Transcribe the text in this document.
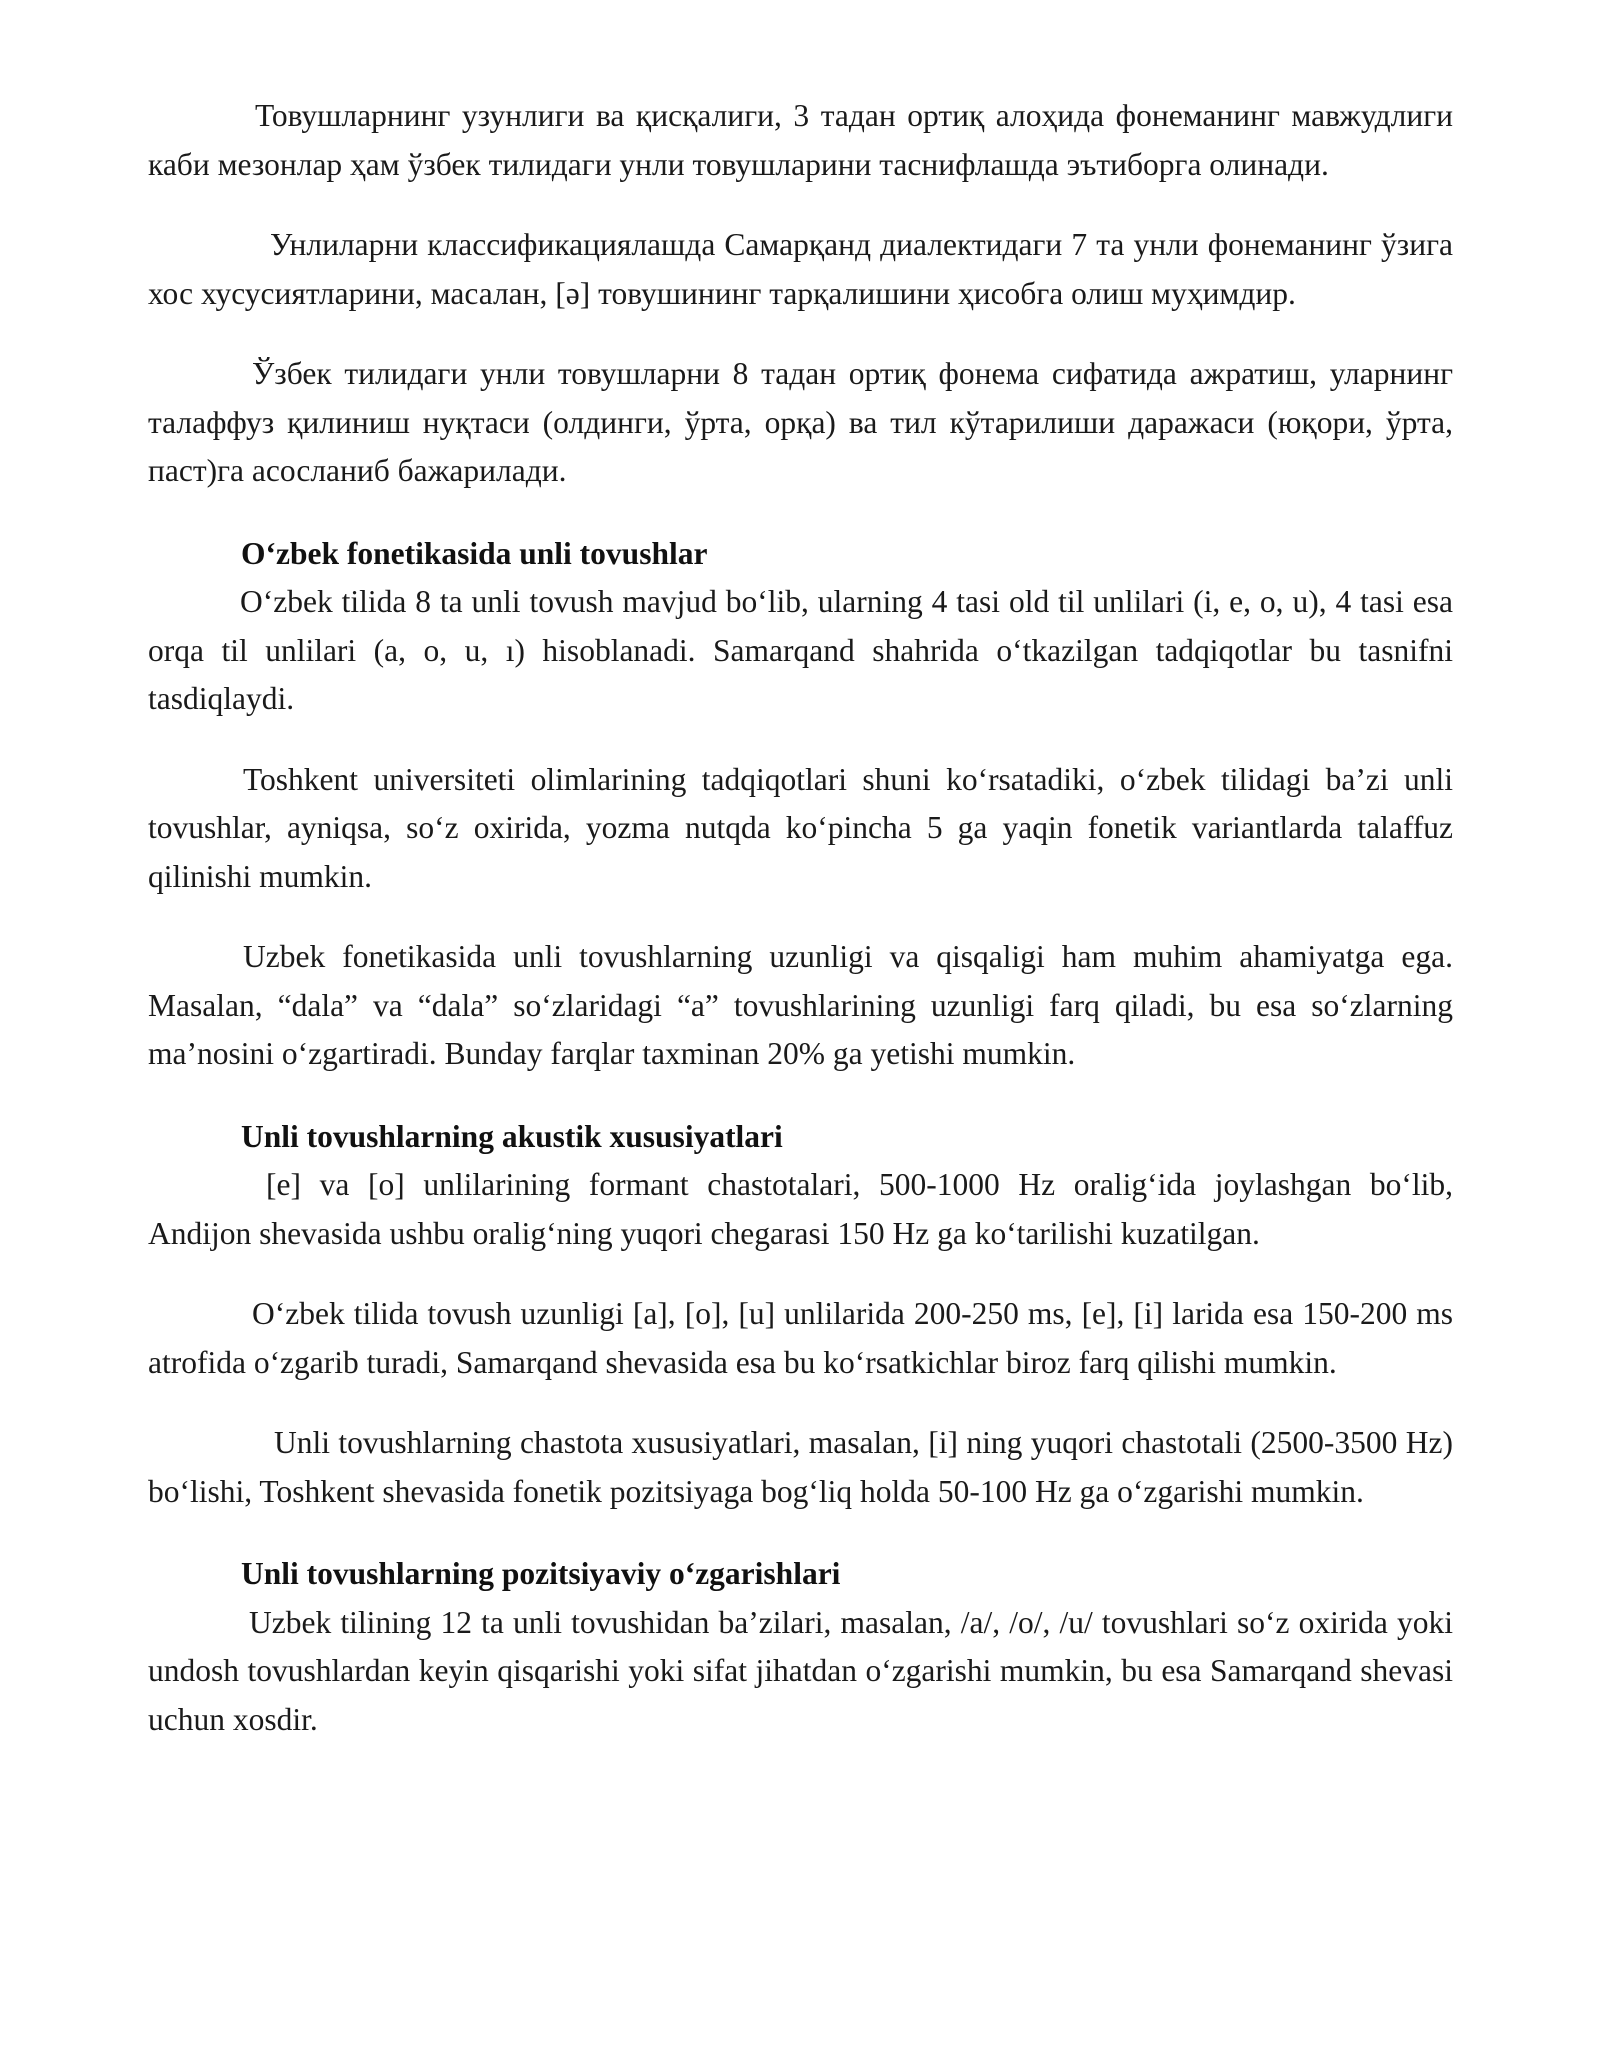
Товушларнинг узунлиги ва қисқалиги, 3 тадан ортиқ алоҳида фонеманинг мавжудлиги каби мезонлар ҳам ўзбек тилидаги унли товушларини таснифлашда эътиборга олинади.

Унлиларни классификациялашда Самарқанд диалектидаги 7 та унли фонеманинг ўзига хос хусусиятларини, масалан, [ә] товушининг тарқалишини ҳисобга олиш муҳимдир.

Ўзбек тилидаги унли товушларни 8 тадан ортиқ фонема сифатида ажратиш, уларнинг талаффуз қилиниш нуқтаси (олдинги, ўрта, орқа) ва тил кўтарилиши даражаси (юқори, ўрта, паст)га асосланиб бажарилади.

O‘zbek fonetikasida unli tovushlar

O‘zbek tilida 8 ta unli tovush mavjud bo‘lib, ularning 4 tasi old til unlilari (i, e, o, u), 4 tasi esa orqa til unlilari (a, o, u, ı) hisoblanadi. Samarqand shahrida o‘tkazilgan tadqiqotlar bu tasnifni tasdiqlaydi.

Toshkent universiteti olimlarining tadqiqotlari shuni ko‘rsatadiki, o‘zbek tilidagi ba’zi unli tovushlar, ayniqsa, so‘z oxirida, yozma nutqda ko‘pincha 5 ga yaqin fonetik variantlarda talaffuz qilinishi mumkin.

Uzbek fonetikasida unli tovushlarning uzunligi va qisqaligi ham muhim ahamiyatga ega. Masalan, “dala” va “dala” so‘zlaridagi “a” tovushlarining uzunligi farq qiladi, bu esa so‘zlarning ma’nosini o‘zgartiradi. Bunday farqlar taxminan 20% ga yetishi mumkin.

Unli tovushlarning akustik xususiyatlari

[e] va [o] unlilarining formant chastotalari, 500-1000 Hz oralig‘ida joylashgan bo‘lib, Andijon shevasida ushbu oralig‘ning yuqori chegarasi 150 Hz ga ko‘tarilishi kuzatilgan.

O‘zbek tilida tovush uzunligi [a], [o], [u] unlilarida 200-250 ms, [e], [i] larida esa 150-200 ms atrofida o‘zgarib turadi, Samarqand shevasida esa bu ko‘rsatkichlar biroz farq qilishi mumkin.

Unli tovushlarning chastota xususiyatlari, masalan, [i] ning yuqori chastotali (2500-3500 Hz) bo‘lishi, Toshkent shevasida fonetik pozitsiyaga bog‘liq holda 50-100 Hz ga o‘zgarishi mumkin.

Unli tovushlarning pozitsiyaviy o‘zgarishlari

Uzbek tilining 12 ta unli tovushidan ba’zilari, masalan, /a/, /o/, /u/ tovushlari so‘z oxirida yoki undosh tovushlardan keyin qisqarishi yoki sifat jihatdan o‘zgarishi mumkin, bu esa Samarqand shevasi uchun xosdir.
